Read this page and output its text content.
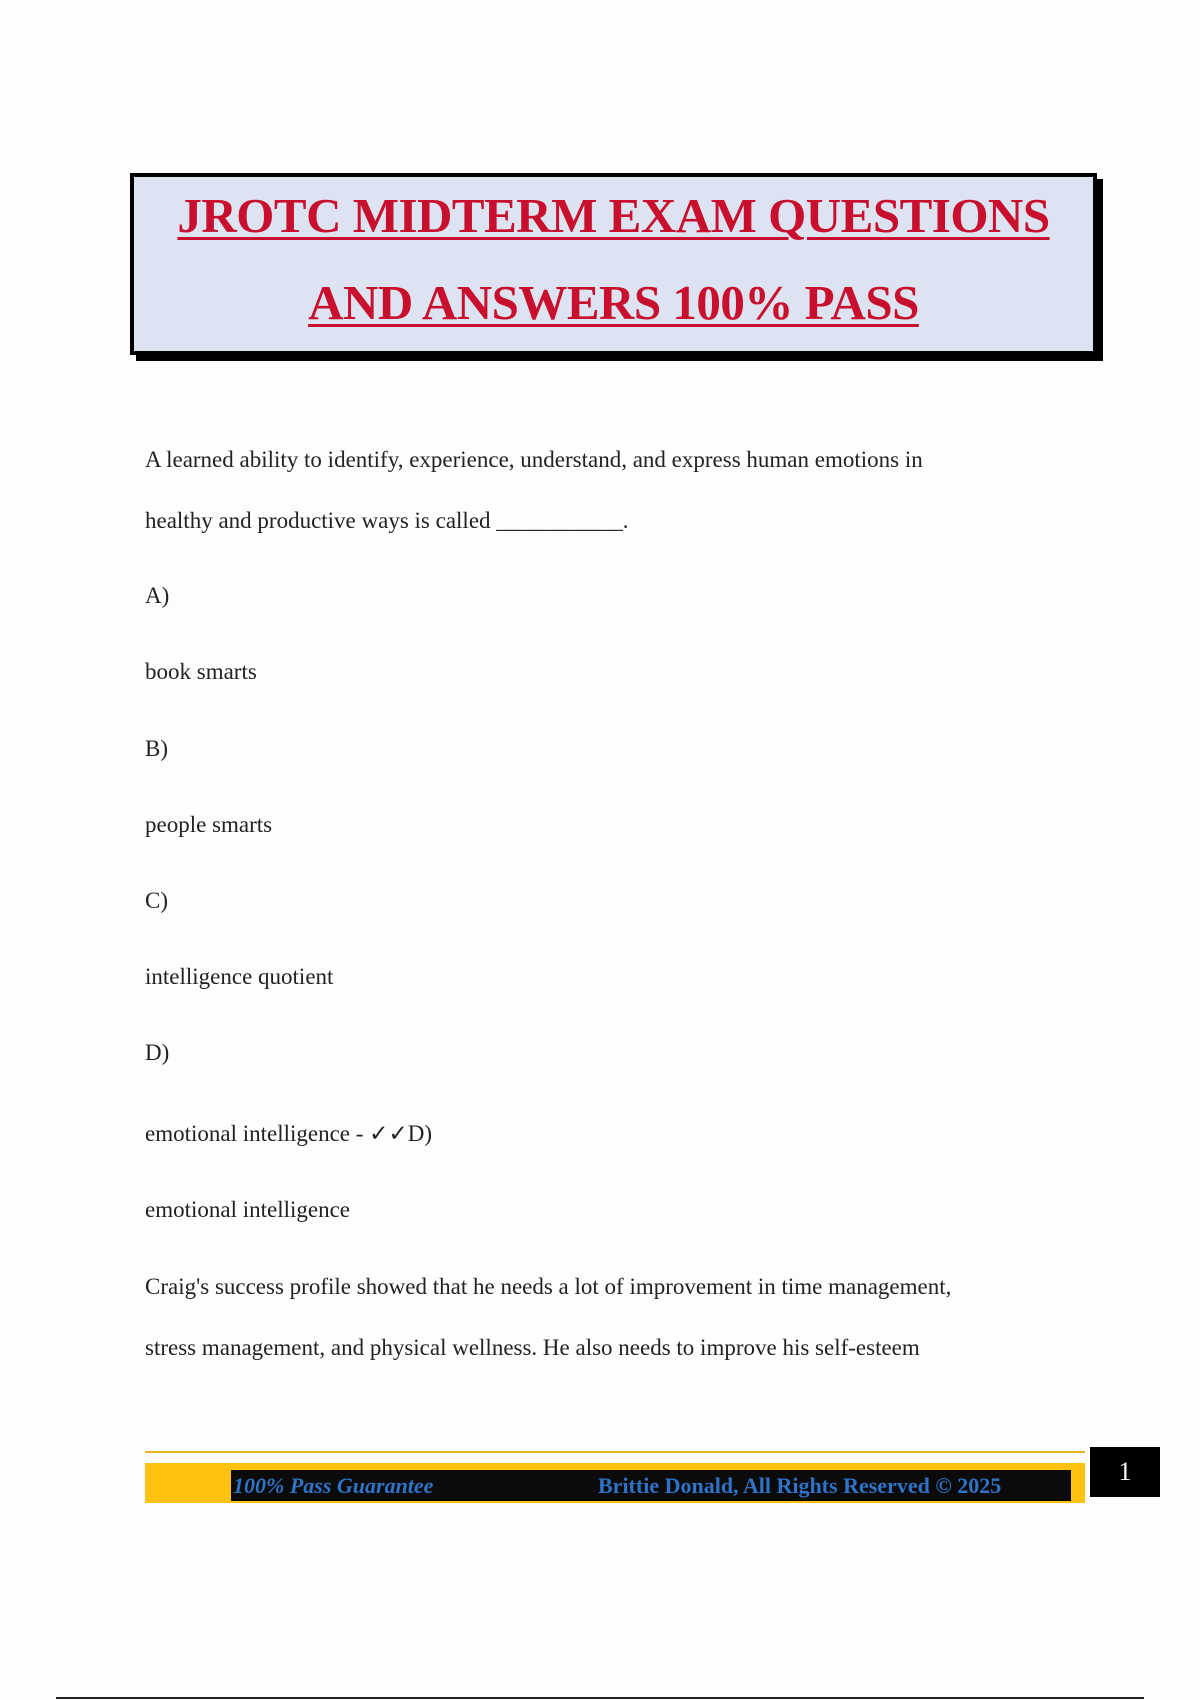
JROTC MIDTERM EXAM QUESTIONS
AND ANSWERS 100% PASS
A learned ability to identify, experience, understand, and express human emotions in
healthy and productive ways is called ___________.
A)
book smarts
B)
people smarts
C)
intelligence quotient
D)
emotional intelligence - ✓✓D)
emotional intelligence
Craig's success profile showed that he needs a lot of improvement in time management,
stress management, and physical wellness. He also needs to improve his self-esteem
100% Pass Guarantee	Brittie Donald, All Rights Reserved © 2025	1
